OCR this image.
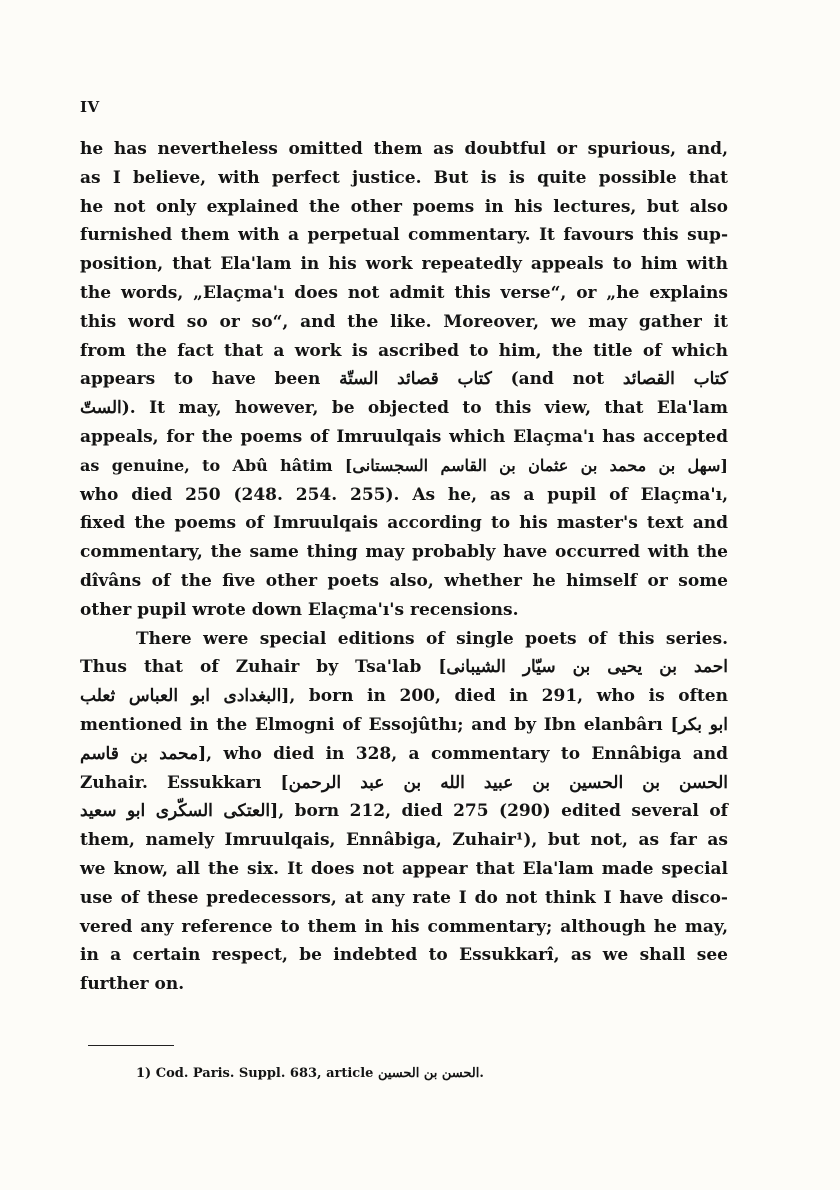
IV
he has nevertheless omitted them as doubtful or spurious, and,
as I believe, with perfect justice. But is is quite possible that
he not only explained the other poems in his lectures, but also
furnished them with a perpetual commentary. It favours this sup-
position, that Ela'lam in his work repeatedly appeals to him with
the words, „Elaçma'ı does not admit this verse“, or „he explains
this word so or so“, and the like. Moreover, we may gather it
from the fact that a work is ascribed to him, the title of which
appears to have been كتاب قصائد الستّة (and not كتاب القصائد
الستّ). It may, however, be objected to this view, that Ela'lam
appeals, for the poems of Imruulqais which Elaçma'ı has accepted
as genuine, to Abû hâtim [سهل بن محمد بن عثمان بن القاسم السجستانى]
who died 250 (248. 254. 255). As he, as a pupil of Elaçma'ı,
fixed the poems of Imruulqais according to his master's text and
commentary, the same thing may probably have occurred with the
dîvâns of the five other poets also, whether he himself or some
other pupil wrote down Elaçma'ı's recensions.
There were special editions of single poets of this series.
Thus that of Zuhair by Tsa'lab [احمد بن يحيى بن سيّار الشيبانى
البغدادى ابو العباس ثعلب], born in 200, died in 291, who is often
mentioned in the Elmogni of Essojûthı; and by Ibn elanbârı [ابو بكر
محمد بن قاسم], who died in 328, a commentary to Ennâbiga and
Zuhair. Essukkarı [الحسن بن الحسين بن عبيد الله بن عبد الرحمن
العتكى السكّرى ابو سعيد], born 212, died 275 (290) edited several of
them, namely Imruulqais, Ennâbiga, Zuhair¹), but not, as far as
we know, all the six. It does not appear that Ela'lam made special
use of these predecessors, at any rate I do not think I have disco-
vered any reference to them in his commentary; although he may,
in a certain respect, be indebted to Essukkarî, as we shall see
further on.
1) Cod. Paris. Suppl. 683, article الحسن بن الحسين.
